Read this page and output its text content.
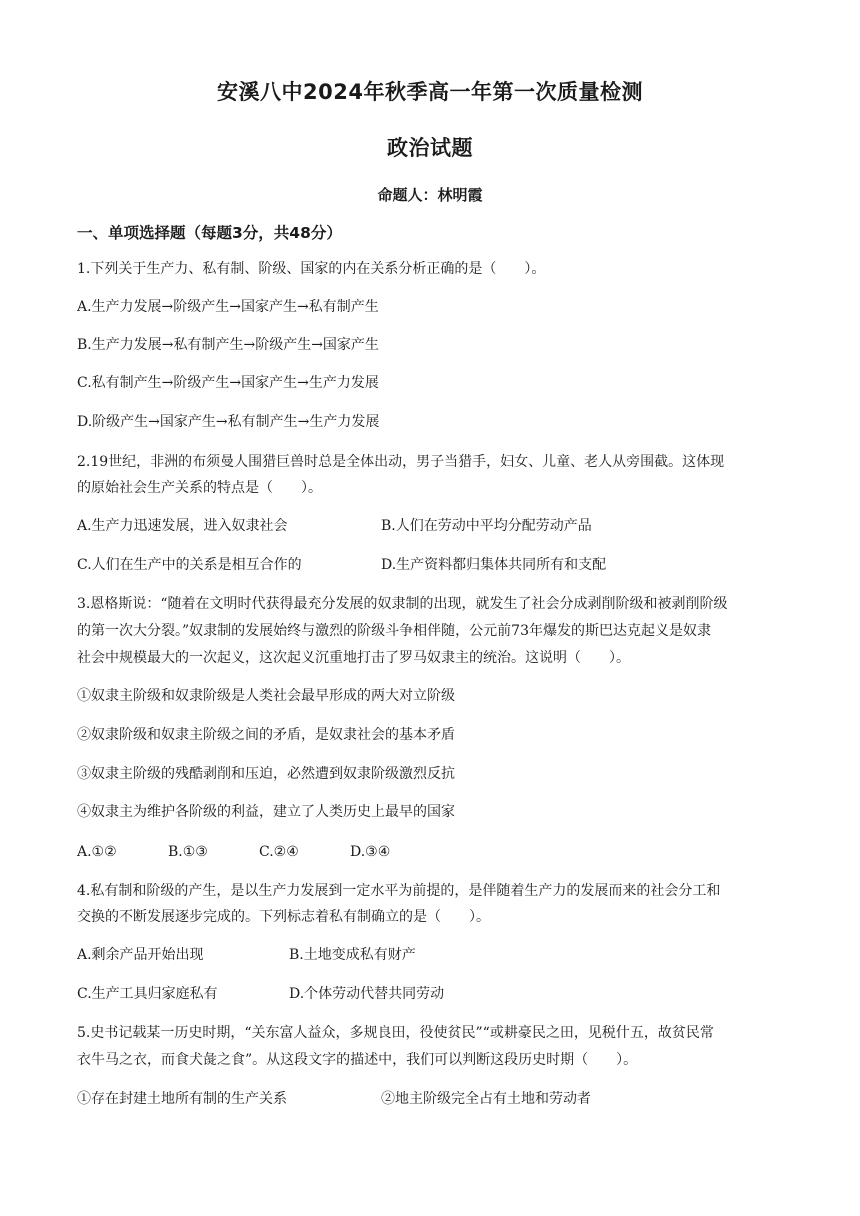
安溪八中2024年秋季高一年第一次质量检测
政治试题
命题人：林明霞
一、单项选择题（每题3分，共48分）
1.下列关于生产力、私有制、阶级、国家的内在关系分析正确的是（　　）。
A.生产力发展→阶级产生→国家产生→私有制产生
B.生产力发展→私有制产生→阶级产生→国家产生
C.私有制产生→阶级产生→国家产生→生产力发展
D.阶级产生→国家产生→私有制产生→生产力发展
2.19世纪，非洲的布须曼人围猎巨兽时总是全体出动，男子当猎手，妇女、儿童、老人从旁围截。这体现
的原始社会生产关系的特点是（　　）。
A.生产力迅速发展，进入奴隶社会	B.人们在劳动中平均分配劳动产品
C.人们在生产中的关系是相互合作的	D.生产资料都归集体共同所有和支配
3.恩格斯说：“随着在文明时代获得最充分发展的奴隶制的出现，就发生了社会分成剥削阶级和被剥削阶级
的第一次大分裂。”奴隶制的发展始终与激烈的阶级斗争相伴随，公元前73年爆发的斯巴达克起义是奴隶
社会中规模最大的一次起义，这次起义沉重地打击了罗马奴隶主的统治。这说明（　　）。
①奴隶主阶级和奴隶阶级是人类社会最早形成的两大对立阶级
②奴隶阶级和奴隶主阶级之间的矛盾，是奴隶社会的基本矛盾
③奴隶主阶级的残酷剥削和压迫，必然遭到奴隶阶级激烈反抗
④奴隶主为维护各阶级的利益，建立了人类历史上最早的国家
A.①②	B.①③	C.②④	D.③④
4.私有制和阶级的产生，是以生产力发展到一定水平为前提的，是伴随着生产力的发展而来的社会分工和
交换的不断发展逐步完成的。下列标志着私有制确立的是（　　）。
A.剩余产品开始出现	B.土地变成私有财产
C.生产工具归家庭私有	D.个体劳动代替共同劳动
5.史书记载某一历史时期，“关东富人益众，多规良田，役使贫民”“或耕豪民之田，见税什五，故贫民常
衣牛马之衣，而食犬彘之食”。从这段文字的描述中，我们可以判断这段历史时期（　　）。
①存在封建土地所有制的生产关系	②地主阶级完全占有土地和劳动者
